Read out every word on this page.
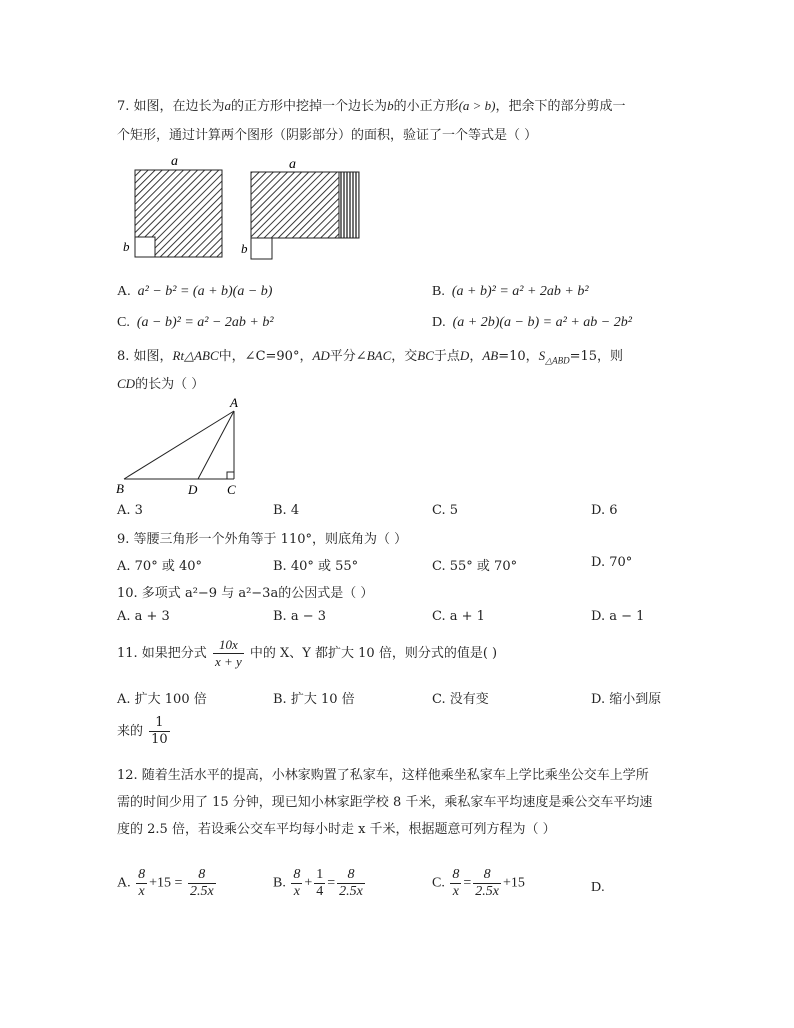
7. 如图，在边长为a的正方形中挖掉一个边长为b的小正方形(a > b)，把余下的部分剪成一
个矩形，通过计算两个图形（阴影部分）的面积，验证了一个等式是（ ）
a
b
a
b
A. a² − b² = (a + b)(a − b)	B. (a + b)² = a² + 2ab + b²
C. (a − b)² = a² − 2ab + b²	D. (a + 2b)(a − b) = a² + ab − 2b²
8. 如图，Rt△ABC中，∠C=90°，AD平分∠BAC，交BC于点D，AB=10，$S_{\triangle ABD}=15$，则
CD的长为（ ）
A
B	D C
A. 3	B. 4	C. 5	D. 6
9. 等腰三角形一个外角等于 110°，则底角为（ ）
A. 70° 或 40°	B. 40° 或 55°	C. 55° 或 70°	D. 70°
10. 多项式 a²−9 与 a²−3a的公因式是（ ）
A. a + 3	B. a − 3	C. a + 1	D. a − 1
11. 如果把分式 $\frac{10x}{x + y}$ 中的 X、Y 都扩大 10 倍，则分式的值是( )
A. 扩大 100 倍	B. 扩大 10 倍	C. 没有变	D. 缩小到原
来的 $\frac{1}{10}$
12. 随着生活水平的提高，小林家购置了私家车，这样他乘坐私家车上学比乘坐公交车上学所
需的时间少用了 15 分钟，现已知小林家距学校 8 千米，乘私家车平均速度是乘公交车平均速
度的 2.5 倍，若设乘公交车平均每小时走 x 千米，根据题意可列方程为（ ）
A. $\frac{8}{x} +15 = \frac{8}{2.5x}$	B. $\frac{8}{x} + \frac{1}{4} = \frac{8}{2.5x}$	C. $\frac{8}{x} = \frac{8}{2.5x} +15$	D.
